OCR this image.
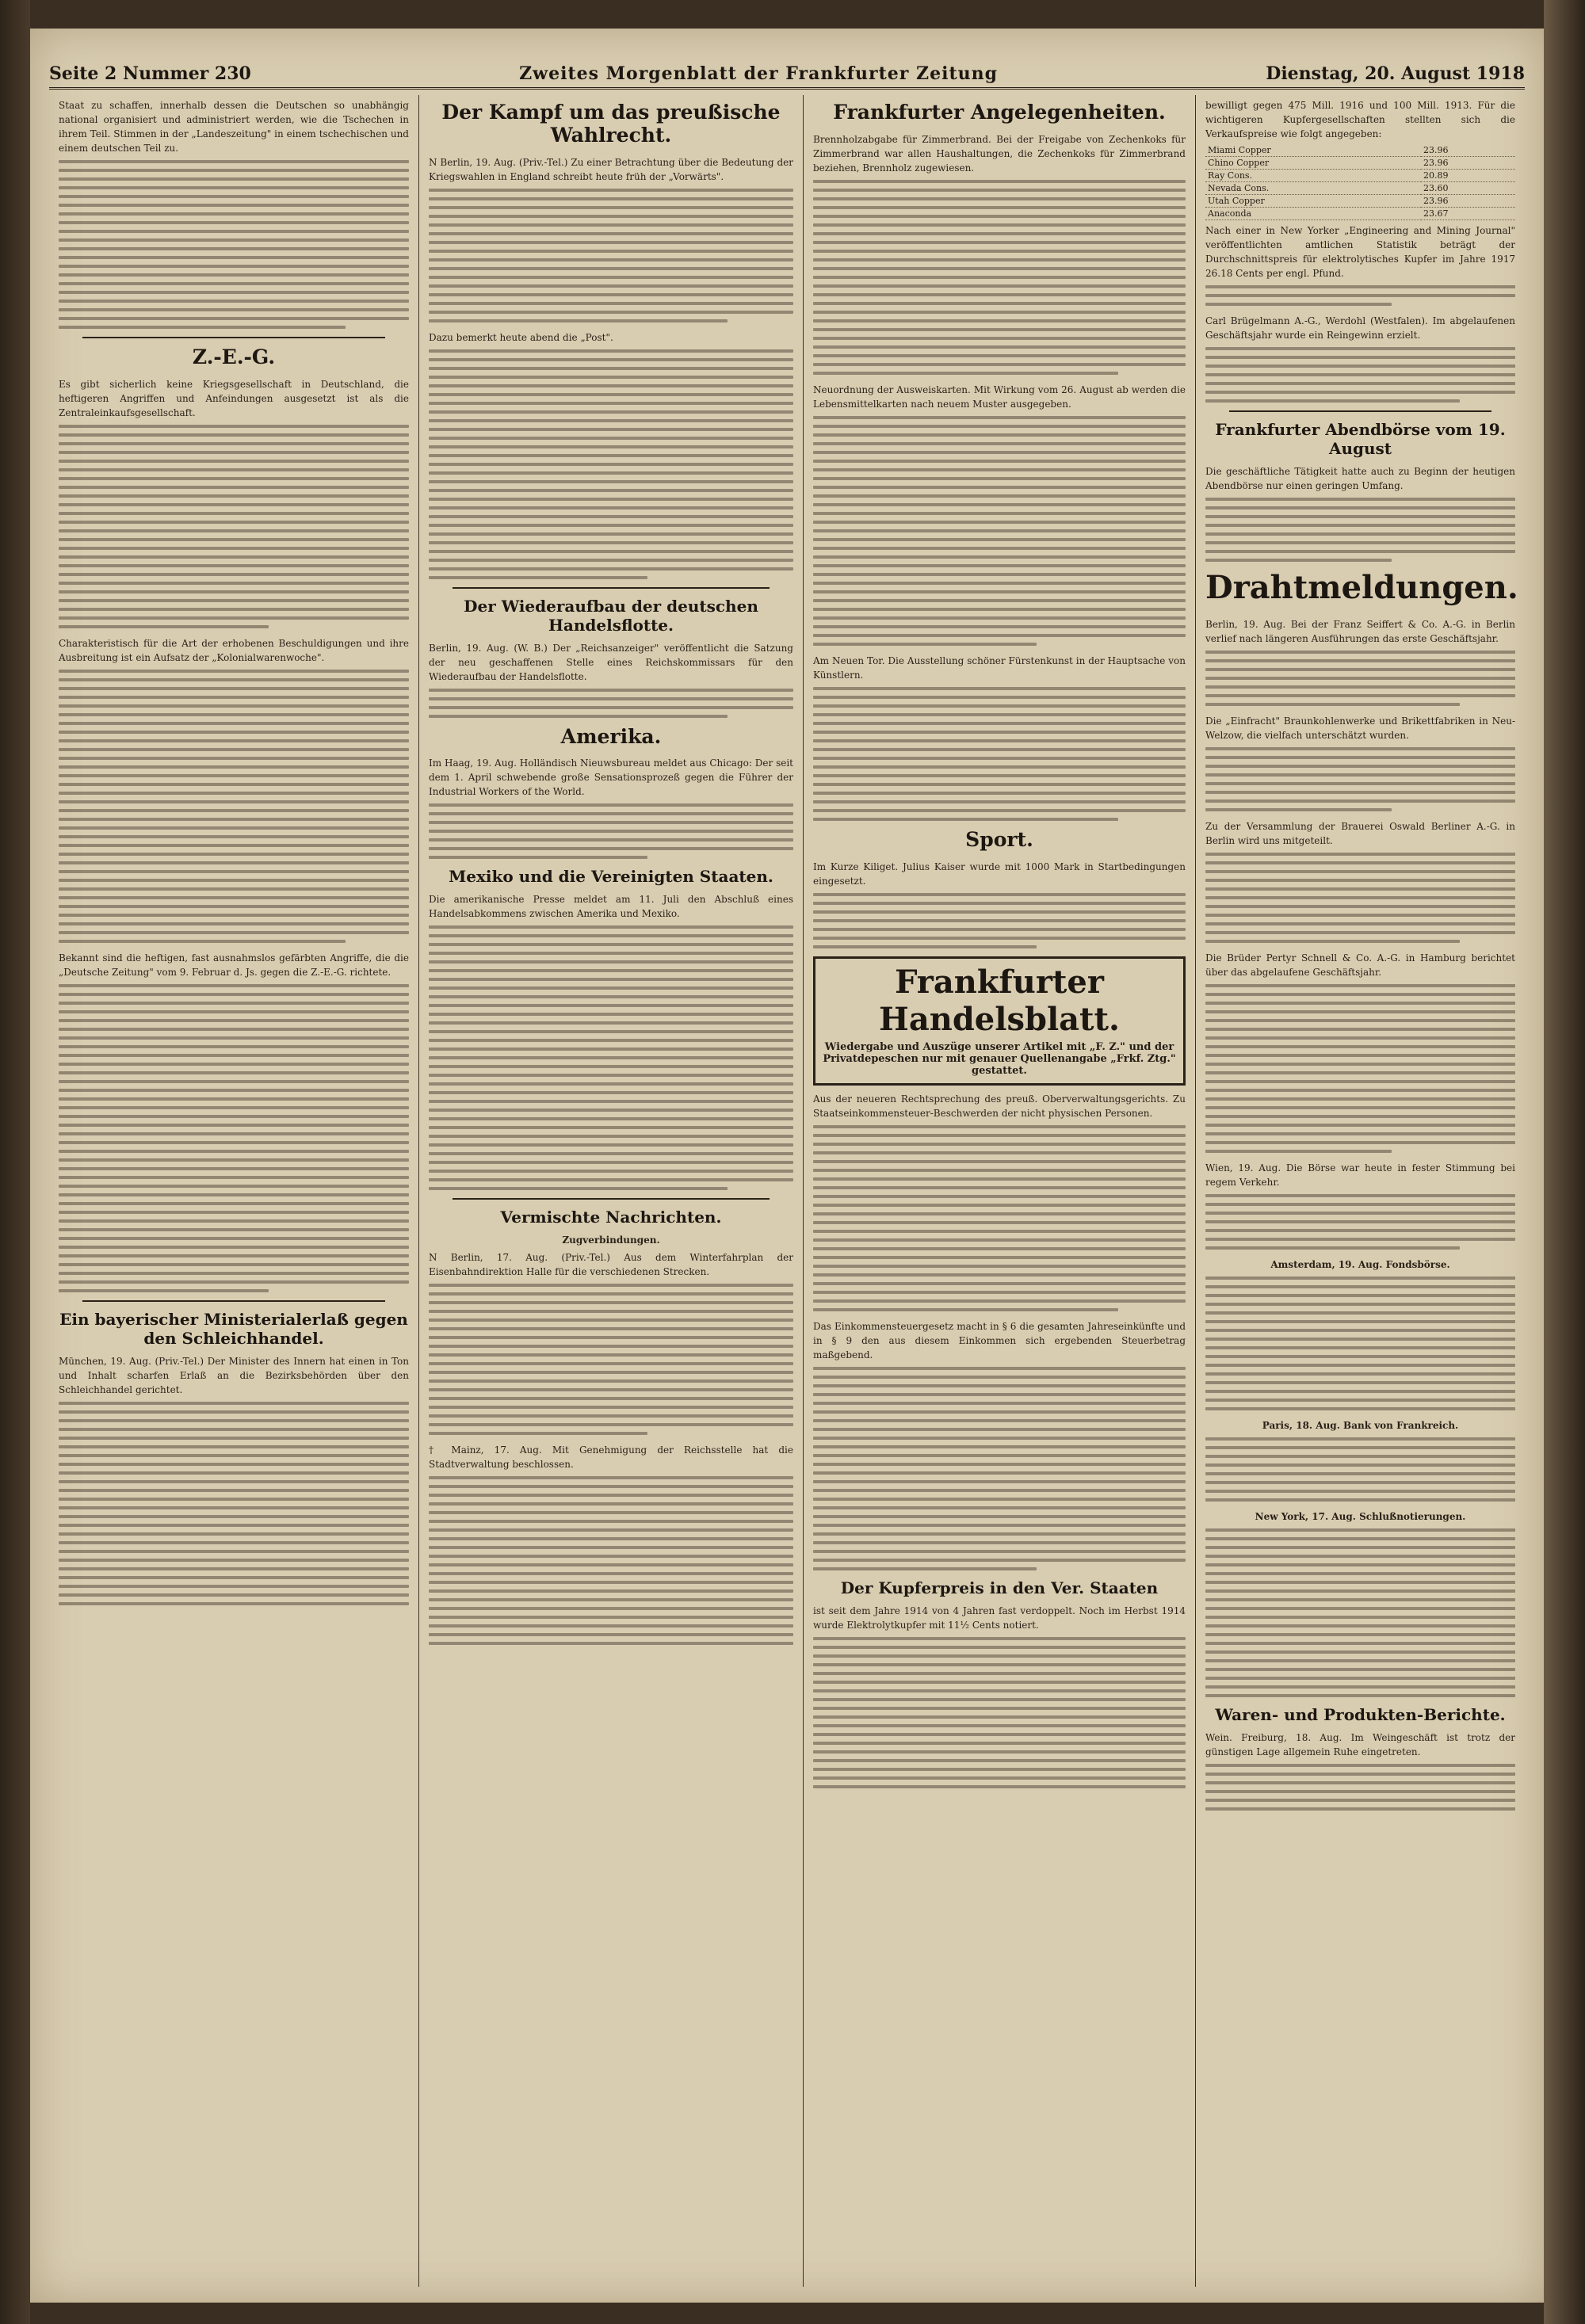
Seite 2 Nummer 230	Zweites Morgenblatt der Frankfurter Zeitung	Dienstag, 20. August 1918
Staat zu schaffen, innerhalb dessen die Deutschen so unabhängig national organisiert und administriert werden, wie die Tschechen in ihrem Teil. Stimmen in der „Landeszeitung" in einem tschechischen und einem deutschen Teil zu.
Z.-E.-G.
Es gibt sicherlich keine Kriegsgesellschaft in Deutschland, die heftigeren Angriffen und Anfeindungen ausgesetzt ist als die Zentraleinkaufsgesellschaft.
Charakteristisch für die Art der erhobenen Beschuldigungen und ihre Ausbreitung ist ein Aufsatz der „Kolonialwarenwoche".
Bekannt sind die heftigen, fast ausnahmslos gefärbten Angriffe, die die „Deutsche Zeitung" vom 9. Februar d. Js. gegen die Z.-E.-G. richtete.
Ein bayerischer Ministerialerlaß gegen den Schleichhandel.
München, 19. Aug. (Priv.-Tel.) Der Minister des Innern hat einen in Ton und Inhalt scharfen Erlaß an die Bezirksbehörden über den Schleichhandel gerichtet.
Der Kampf um das preußische Wahlrecht.
N Berlin, 19. Aug. (Priv.-Tel.) Zu einer Betrachtung über die Bedeutung der Kriegswahlen in England schreibt heute früh der „Vorwärts".
Dazu bemerkt heute abend die „Post".
Der Wiederaufbau der deutschen Handelsflotte.
Berlin, 19. Aug. (W. B.) Der „Reichsanzeiger" veröffentlicht die Satzung der neu geschaffenen Stelle eines Reichskommissars für den Wiederaufbau der Handelsflotte.
Amerika.
Im Haag, 19. Aug. Holländisch Nieuwsbureau meldet aus Chicago: Der seit dem 1. April schwebende große Sensationsprozeß gegen die Führer der Industrial Workers of the World.
Mexiko und die Vereinigten Staaten.
Die amerikanische Presse meldet am 11. Juli den Abschluß eines Handelsabkommens zwischen Amerika und Mexiko.
Vermischte Nachrichten.
Zugverbindungen.
N Berlin, 17. Aug. (Priv.-Tel.) Aus dem Winterfahrplan der Eisenbahndirektion Halle für die verschiedenen Strecken.
† Mainz, 17. Aug. Mit Genehmigung der Reichsstelle hat die Stadtverwaltung beschlossen.
Frankfurter Angelegenheiten.
Brennholzabgabe für Zimmerbrand. Bei der Freigabe von Zechenkoks für Zimmerbrand war allen Haushaltungen, die Zechenkoks für Zimmerbrand beziehen, Brennholz zugewiesen.
Neuordnung der Ausweiskarten. Mit Wirkung vom 26. August ab werden die Lebensmittelkarten nach neuem Muster ausgegeben.
Am Neuen Tor. Die Ausstellung schöner Fürstenkunst in der Hauptsache von Künstlern.
Sport.
Im Kurze Kiliget. Julius Kaiser wurde mit 1000 Mark in Startbedingungen eingesetzt.
Frankfurter Handelsblatt.
Wiedergabe und Auszüge unserer Artikel mit „F. Z." und der Privatdepeschen nur mit genauer Quellenangabe „Frkf. Ztg." gestattet.
Aus der neueren Rechtsprechung des preuß. Oberverwaltungsgerichts. Zu Staatseinkommensteuer-Beschwerden der nicht physischen Personen.
Das Einkommensteuergesetz macht in § 6 die gesamten Jahreseinkünfte und in § 9 den aus diesem Einkommen sich ergebenden Steuerbetrag maßgebend.
Der Kupferpreis in den Ver. Staaten
ist seit dem Jahre 1914 von 4 Jahren fast verdoppelt. Noch im Herbst 1914 wurde Elektrolytkupfer mit 11½ Cents notiert.
bewilligt gegen 475 Mill. 1916 und 100 Mill. 1913. Für die wichtigeren Kupfergesellschaften stellten sich die Verkaufspreise wie folgt angegeben:
Miami Copper	23.96
Chino Copper	23.96
Ray Cons.	20.89
Nevada Cons.	23.60
Utah Copper	23.96
Anaconda	23.67
Nach einer in New Yorker „Engineering and Mining Journal" veröffentlichten amtlichen Statistik beträgt der Durchschnittspreis für elektrolytisches Kupfer im Jahre 1917 26.18 Cents per engl. Pfund.
Carl Brügelmann A.-G., Werdohl (Westfalen). Im abgelaufenen Geschäftsjahr wurde ein Reingewinn erzielt.
Frankfurter Abendbörse vom 19. August
Die geschäftliche Tätigkeit hatte auch zu Beginn der heutigen Abendbörse nur einen geringen Umfang.
Drahtmeldungen.
Berlin, 19. Aug. Bei der Franz Seiffert & Co. A.-G. in Berlin verlief nach längeren Ausführungen das erste Geschäftsjahr.
Die „Einfracht" Braunkohlenwerke und Brikettfabriken in Neu-Welzow, die vielfach unterschätzt wurden.
Zu der Versammlung der Brauerei Oswald Berliner A.-G. in Berlin wird uns mitgeteilt.
Die Brüder Pertyr Schnell & Co. A.-G. in Hamburg berichtet über das abgelaufene Geschäftsjahr.
Wien, 19. Aug. Die Börse war heute in fester Stimmung bei regem Verkehr.
Amsterdam, 19. Aug. Fondsbörse.
Paris, 18. Aug. Bank von Frankreich.
New York, 17. Aug. Schlußnotierungen.
Waren- und Produkten-Berichte.
Wein. Freiburg, 18. Aug. Im Weingeschäft ist trotz der günstigen Lage allgemein Ruhe eingetreten.
